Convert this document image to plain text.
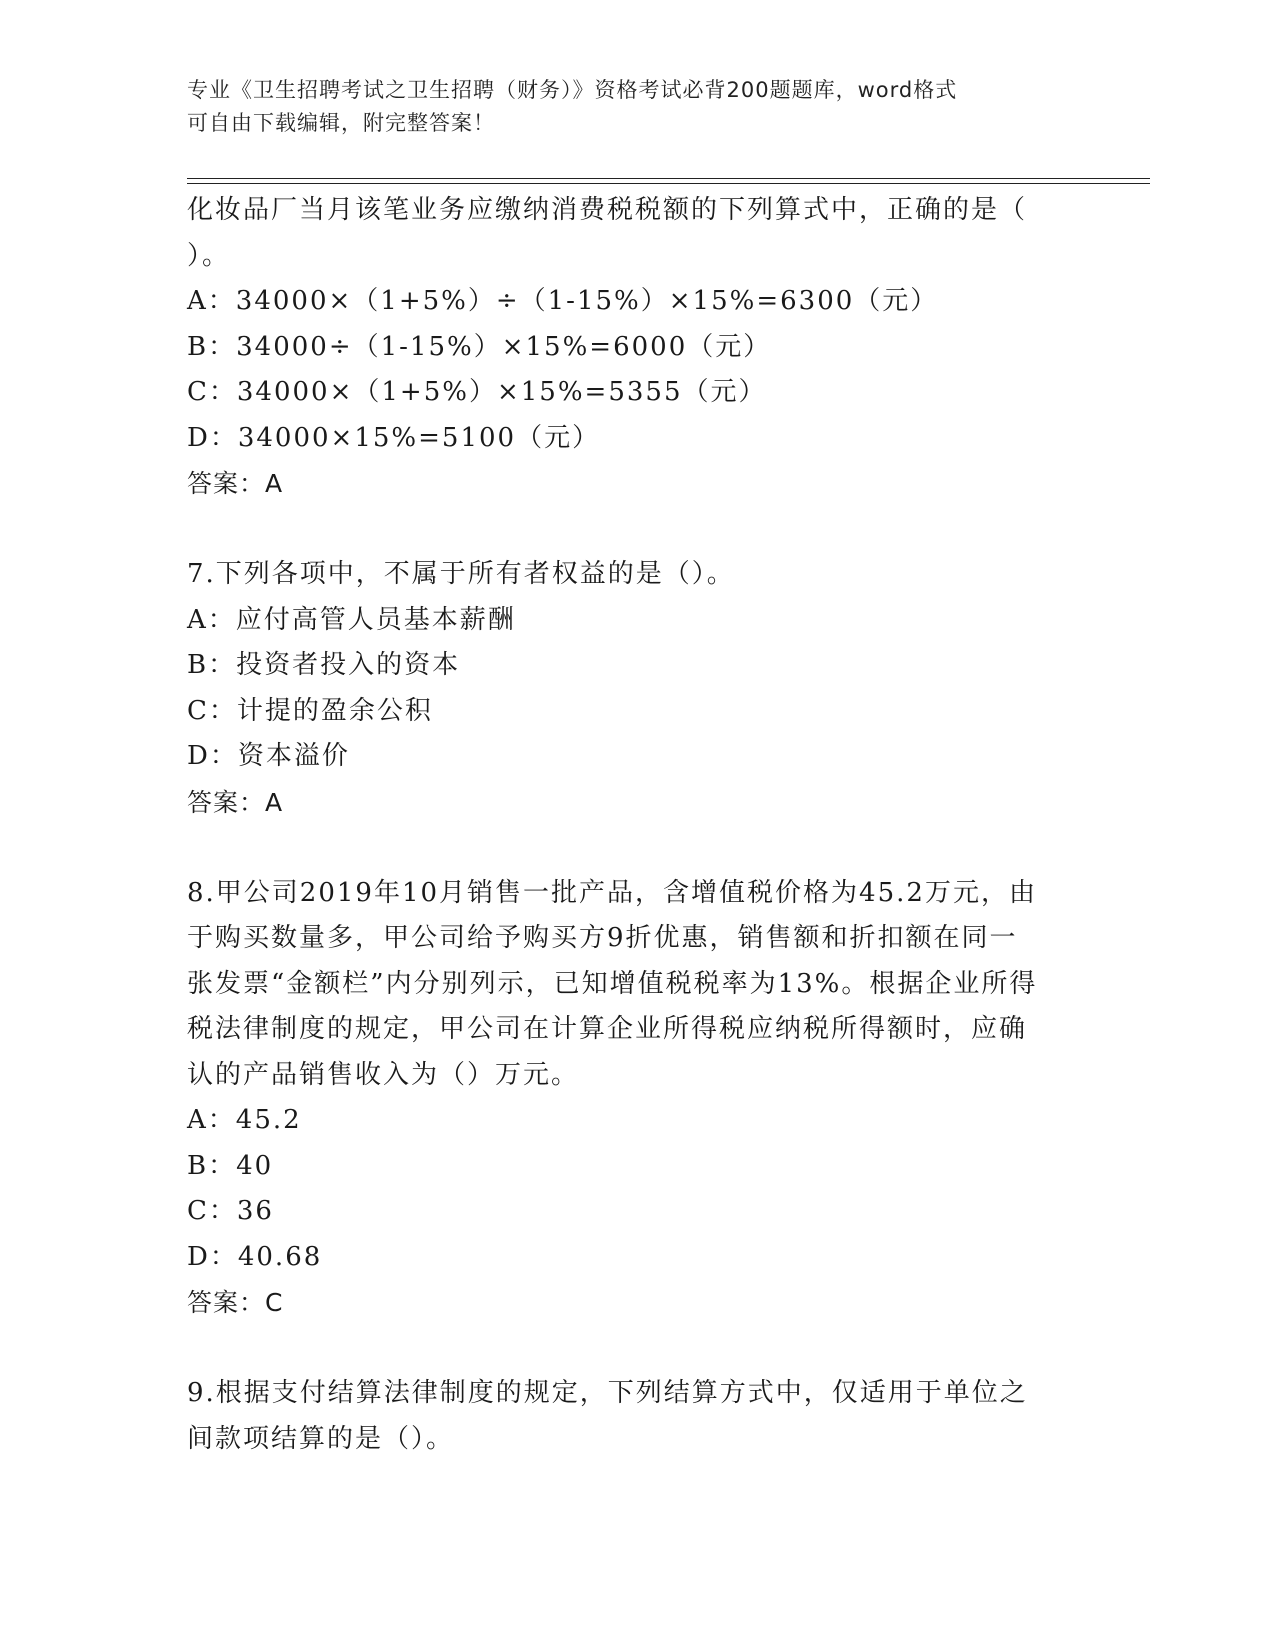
专业《卫生招聘考试之卫生招聘（财务）》资格考试必背200题题库，word格式
可自由下载编辑，附完整答案！
化妆品厂当月该笔业务应缴纳消费税税额的下列算式中，正确的是（
）。
A：34000×（1+5%）÷（1-15%）×15%=6300（元）
B：34000÷（1-15%）×15%=6000（元）
C：34000×（1+5%）×15%=5355（元）
D：34000×15%=5100（元）
答案：A
7.下列各项中，不属于所有者权益的是（）。
A：应付高管人员基本薪酬
B：投资者投入的资本
C：计提的盈余公积
D：资本溢价
答案：A
8.甲公司2019年10月销售一批产品，含增值税价格为45.2万元，由
于购买数量多，甲公司给予购买方9折优惠，销售额和折扣额在同一
张发票“金额栏”内分别列示，已知增值税税率为13%。根据企业所得
税法律制度的规定，甲公司在计算企业所得税应纳税所得额时，应确
认的产品销售收入为（）万元。
A：45.2
B：40
C：36
D：40.68
答案：C
9.根据支付结算法律制度的规定，下列结算方式中，仅适用于单位之
间款项结算的是（）。
